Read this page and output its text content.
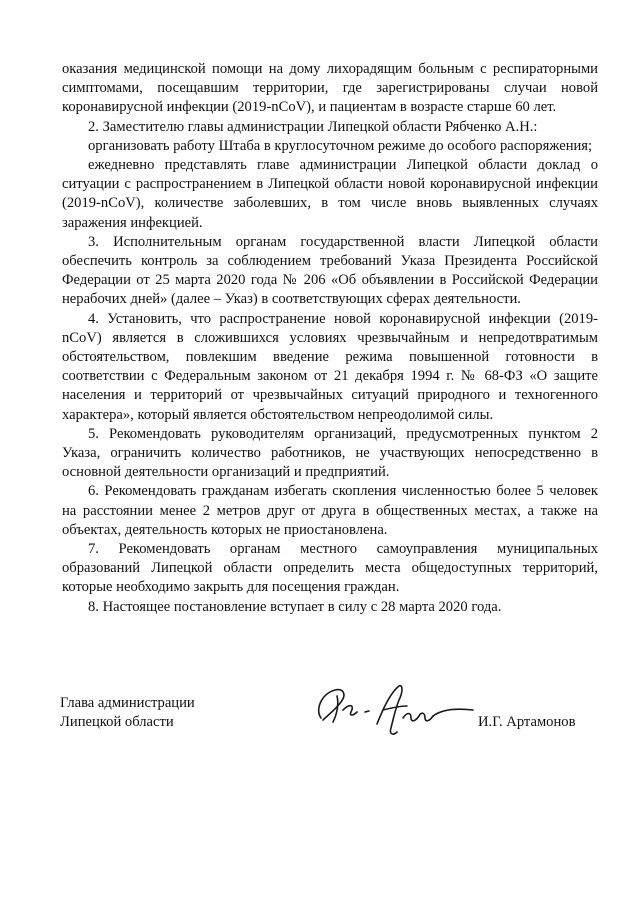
оказания медицинской помощи на дому лихорадящим больным с респираторными симптомами, посещавшим территории, где зарегистрированы случаи новой коронавирусной инфекции (2019-nCoV), и пациентам в возрасте старше 60 лет.

2. Заместителю главы администрации Липецкой области Рябченко А.Н.:

организовать работу Штаба в круглосуточном режиме до особого распоряжения;

ежедневно представлять главе администрации Липецкой области доклад о ситуации с распространением в Липецкой области новой коронавирусной инфекции (2019-nCoV), количестве заболевших, в том числе вновь выявленных случаях заражения инфекцией.

3. Исполнительным органам государственной власти Липецкой области обеспечить контроль за соблюдением требований Указа Президента Российской Федерации от 25 марта 2020 года № 206 «Об объявлении в Российской Федерации нерабочих дней» (далее – Указ) в соответствующих сферах деятельности.

4. Установить, что распространение новой коронавирусной инфекции (2019-nCoV) является в сложившихся условиях чрезвычайным и непредотвратимым обстоятельством, повлекшим введение режима повышенной готовности в соответствии с Федеральным законом от 21 декабря 1994 г. № 68-ФЗ «О защите населения и территорий от чрезвычайных ситуаций природного и техногенного характера», который является обстоятельством непреодолимой силы.

5. Рекомендовать руководителям организаций, предусмотренных пунктом 2 Указа, ограничить количество работников, не участвующих непосредственно в основной деятельности организаций и предприятий.

6. Рекомендовать гражданам избегать скопления численностью более 5 человек на расстоянии менее 2 метров друг от друга в общественных местах, а также на объектах, деятельность которых не приостановлена.

7. Рекомендовать органам местного самоуправления муниципальных образований Липецкой области определить места общедоступных территорий, которые необходимо закрыть для посещения граждан.

8. Настоящее постановление вступает в силу с 28 марта 2020 года.

Глава администрации
Липецкой области	И.Г. Артамонов
